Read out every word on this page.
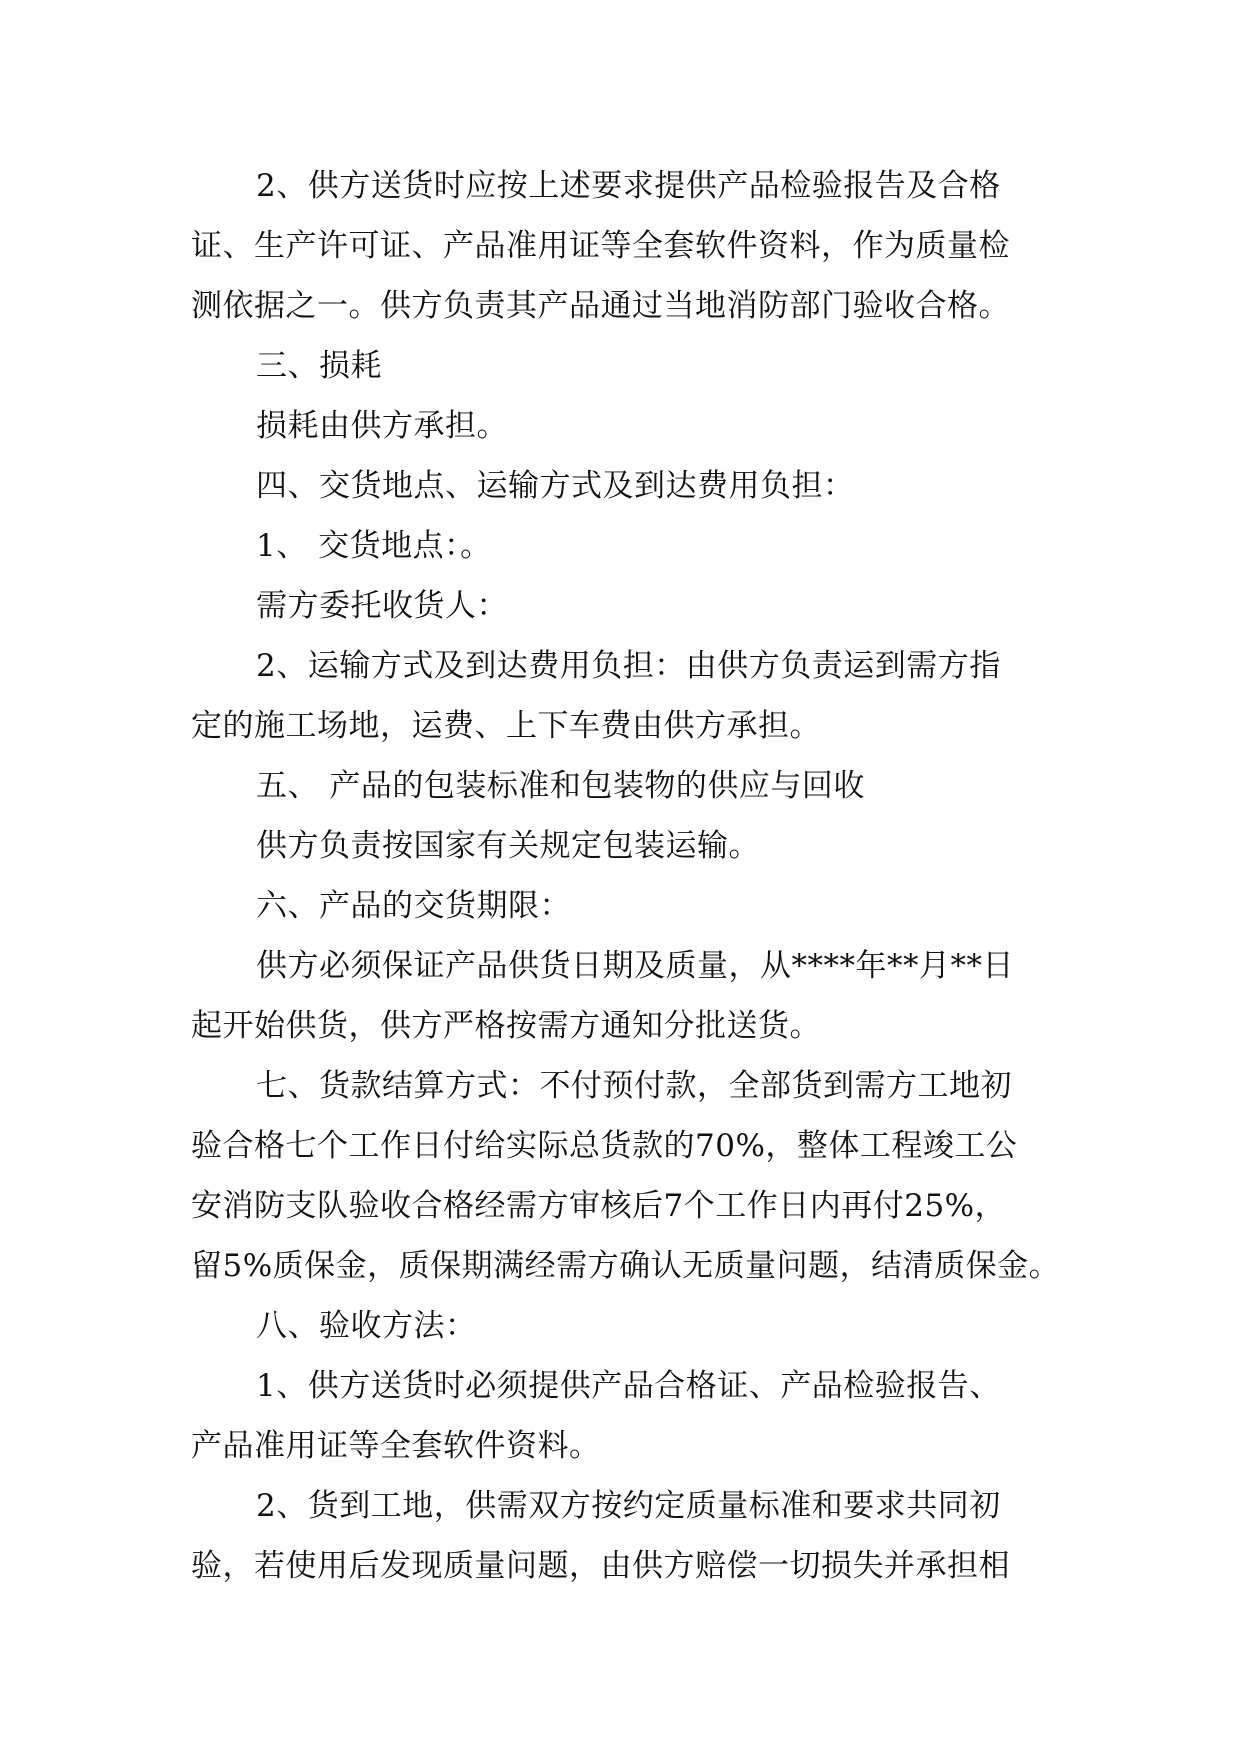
2、供方送货时应按上述要求提供产品检验报告及合格
证、生产许可证、产品准用证等全套软件资料，作为质量检
测依据之一。供方负责其产品通过当地消防部门验收合格。
三、损耗
损耗由供方承担。
四、交货地点、运输方式及到达费用负担：
1、 交货地点：。
需方委托收货人：
2、运输方式及到达费用负担：由供方负责运到需方指
定的施工场地，运费、上下车费由供方承担。
五、 产品的包装标准和包装物的供应与回收
供方负责按国家有关规定包装运输。
六、产品的交货期限：
供方必须保证产品供货日期及质量，从****年**月**日
起开始供货，供方严格按需方通知分批送货。
七、货款结算方式：不付预付款，全部货到需方工地初
验合格七个工作日付给实际总货款的70%，整体工程竣工公
安消防支队验收合格经需方审核后7个工作日内再付25%，
留5%质保金，质保期满经需方确认无质量问题，结清质保金。
八、验收方法：
1、供方送货时必须提供产品合格证、产品检验报告、
产品准用证等全套软件资料。
2、货到工地，供需双方按约定质量标准和要求共同初
验，若使用后发现质量问题，由供方赔偿一切损失并承担相
